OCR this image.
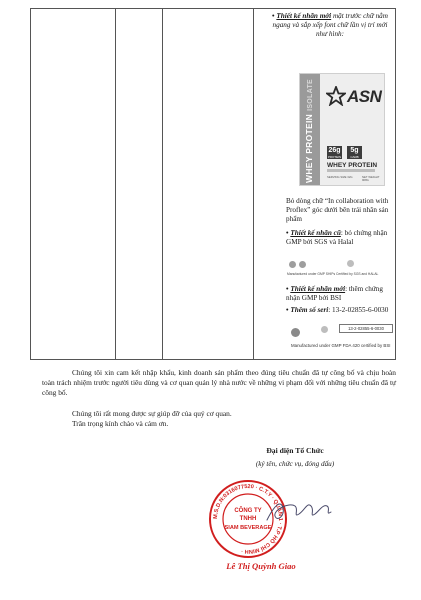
• Thiết kế nhãn mới mặt trước chữ nằm ngang và sắp xếp font chữ lần vị trí mới như hình:
WHEY PROTEINISOLATE ASN
26g
PROTEIN
5g
CARB
WHEY PROTEIN
SERVING SIZE 32G	NET WEIGHT 908G
Bỏ dòng chữ “In collaboration with Proflex” góc dưới bên trái nhãn sản phẩm
• Thiết kế nhãn cũ: bỏ chứng nhận GMP bởi SGS và Halal
Manufactured under GMP SHIPs Certified by SGS and HALAL
• Thiết kế nhãn mới: thêm chứng nhận GMP bởi BSI
• Thêm số seri: 13-2-02855-6-0030
13-2-02855-6-0030
Manufactured under GMP FDA 420 certified by BSI

Chúng tôi xin cam kết nhập khẩu, kinh doanh sản phẩm theo đúng tiêu chuẩn đã tự công bố và chịu hoàn toàn trách nhiệm trước người tiêu dùng và cơ quan quản lý nhà nước về những vi phạm đối với những tiêu chuẩn đã tự công bố.

Chúng tôi rất mong được sự giúp đỡ của quý cơ quan.

Trân trọng kính chào và cảm ơn.

Đại diện Tổ Chức
(ký tên, chức vụ, đóng dấu)
M.S.D.N:0316077520 · C.T.Y · QUẬN 1 · T.P HỒ CHÍ MINH ·
CÔNG TY
TNHH
SIAM BEVERAGE
Lê Thị Quỳnh Giao
